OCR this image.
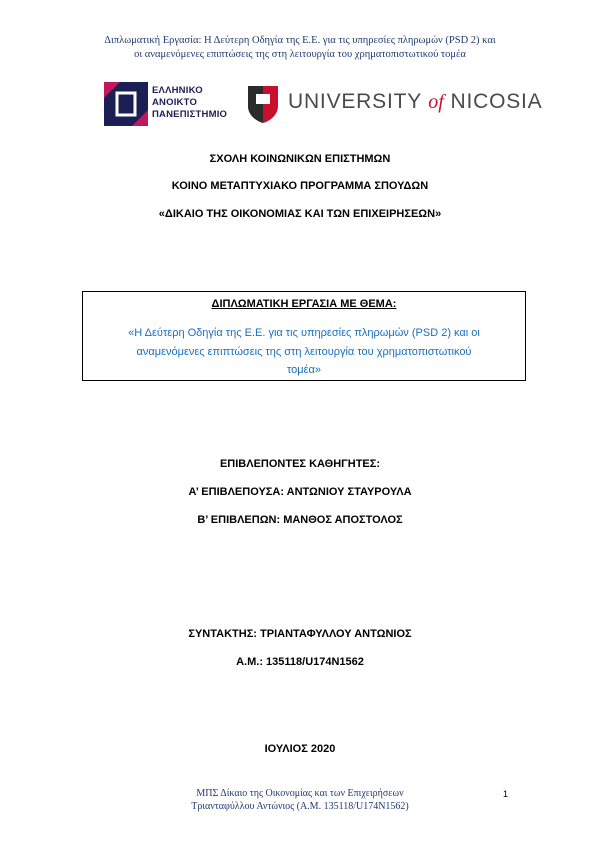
Διπλωματική Εργασία: Η Δεύτερη Οδηγία της Ε.Ε. για τις υπηρεσίες πληρωμών (PSD 2) και
οι αναμενόμενες επιπτώσεις της στη λειτουργία του χρηματοπιστωτικού τομέα
ΕΛΛΗΝΙΚΟ
ΑΝΟΙΚΤΟ
ΠΑΝΕΠΙΣΤΗΜΙΟ
UNIVERSITY of NICOSIA
ΣΧΟΛΗ ΚΟΙΝΩΝΙΚΩΝ ΕΠΙΣΤΗΜΩΝ
ΚΟΙΝΟ ΜΕΤΑΠΤΥΧΙΑΚΟ ΠΡΟΓΡΑΜΜΑ ΣΠΟΥΔΩΝ
«ΔΙΚΑΙΟ ΤΗΣ ΟΙΚΟΝΟΜΙΑΣ ΚΑΙ ΤΩΝ ΕΠΙΧΕΙΡΗΣΕΩΝ»
ΔΙΠΛΩΜΑΤΙΚΗ ΕΡΓΑΣΙΑ ΜΕ ΘΕΜΑ:
«Η Δεύτερη Οδηγία της Ε.Ε. για τις υπηρεσίες πληρωμών (PSD 2) και οι
αναμενόμενες επιπτώσεις της στη λειτουργία του χρηματοπιστωτικού
τομέα»
ΕΠΙΒΛΕΠΟΝΤΕΣ ΚΑΘΗΓΗΤΕΣ:
Α’ ΕΠΙΒΛΕΠΟΥΣΑ: ΑΝΤΩΝΙΟΥ ΣΤΑΥΡΟΥΛΑ
Β’ ΕΠΙΒΛΕΠΩΝ: ΜΑΝΘΟΣ ΑΠΟΣΤΟΛΟΣ
ΣΥΝΤΑΚΤΗΣ: ΤΡΙΑΝΤΑΦΥΛΛΟΥ ΑΝΤΩΝΙΟΣ
Α.Μ.: 135118/U174N1562
ΙΟΥΛΙΟΣ 2020
ΜΠΣ Δίκαιο της Οικονομίας και των Επιχειρήσεων
Τριανταφύλλου Αντώνιος (Α.Μ. 135118/U174N1562)
1
